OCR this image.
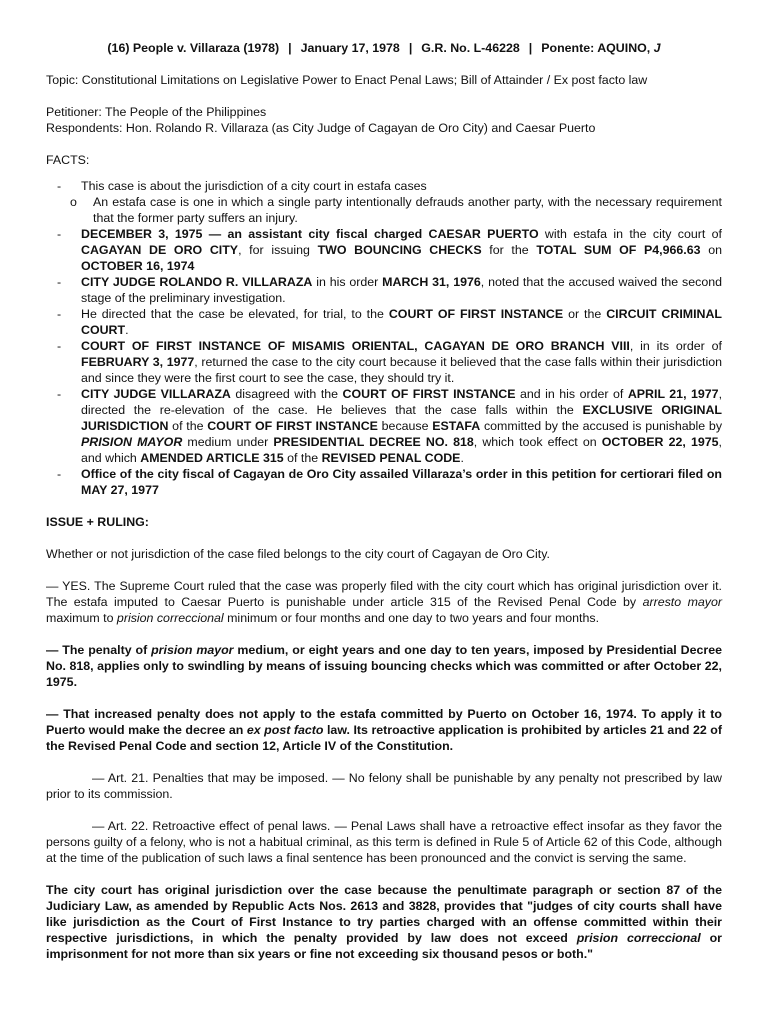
(16) People v. Villaraza (1978) | January 17, 1978 | G.R. No. L-46228 | Ponente: AQUINO, J

Topic: Constitutional Limitations on Legislative Power to Enact Penal Laws; Bill of Attainder / Ex post facto law

Petitioner: The People of the Philippines

Respondents: Hon. Rolando R. Villaraza (as City Judge of Cagayan de Oro City) and Caesar Puerto

FACTS:

- This case is about the jurisdiction of a city court in estafa cases
o An estafa case is one in which a single party intentionally defrauds another party, with the necessary requirement that the former party suffers an injury.
- DECEMBER 3, 1975 — an assistant city fiscal charged CAESAR PUERTO with estafa in the city court of CAGAYAN DE ORO CITY, for issuing TWO BOUNCING CHECKS for the TOTAL SUM OF P4,966.63 on OCTOBER 16, 1974
- CITY JUDGE ROLANDO R. VILLARAZA in his order MARCH 31, 1976, noted that the accused waived the second stage of the preliminary investigation.
- He directed that the case be elevated, for trial, to the COURT OF FIRST INSTANCE or the CIRCUIT CRIMINAL COURT.
- COURT OF FIRST INSTANCE OF MISAMIS ORIENTAL, CAGAYAN DE ORO BRANCH VIII, in its order of FEBRUARY 3, 1977, returned the case to the city court because it believed that the case falls within their jurisdiction and since they were the first court to see the case, they should try it.
- CITY JUDGE VILLARAZA disagreed with the COURT OF FIRST INSTANCE and in his order of APRIL 21, 1977, directed the re-elevation of the case. He believes that the case falls within the EXCLUSIVE ORIGINAL JURISDICTION of the COURT OF FIRST INSTANCE because ESTAFA committed by the accused is punishable by PRISION MAYOR medium under PRESIDENTIAL DECREE NO. 818, which took effect on OCTOBER 22, 1975, and which AMENDED ARTICLE 315 of the REVISED PENAL CODE.
- Office of the city fiscal of Cagayan de Oro City assailed Villaraza’s order in this petition for certiorari filed on MAY 27, 1977

ISSUE + RULING:

Whether or not jurisdiction of the case filed belongs to the city court of Cagayan de Oro City.

— YES. The Supreme Court ruled that the case was properly filed with the city court which has original jurisdiction over it. The estafa imputed to Caesar Puerto is punishable under article 315 of the Revised Penal Code by arresto mayor maximum to prision correccional minimum or four months and one day to two years and four months.

— The penalty of prision mayor medium, or eight years and one day to ten years, imposed by Presidential Decree No. 818, applies only to swindling by means of issuing bouncing checks which was committed or after October 22, 1975.

— That increased penalty does not apply to the estafa committed by Puerto on October 16, 1974. To apply it to Puerto would make the decree an ex post facto law. Its retroactive application is prohibited by articles 21 and 22 of the Revised Penal Code and section 12, Article IV of the Constitution.

— Art. 21. Penalties that may be imposed. — No felony shall be punishable by any penalty not prescribed by law prior to its commission.

— Art. 22. Retroactive effect of penal laws. — Penal Laws shall have a retroactive effect insofar as they favor the persons guilty of a felony, who is not a habitual criminal, as this term is defined in Rule 5 of Article 62 of this Code, although at the time of the publication of such laws a final sentence has been pronounced and the convict is serving the same.

The city court has original jurisdiction over the case because the penultimate paragraph or section 87 of the Judiciary Law, as amended by Republic Acts Nos. 2613 and 3828, provides that "judges of city courts shall have like jurisdiction as the Court of First Instance to try parties charged with an offense committed within their respective jurisdictions, in which the penalty provided by law does not exceed prision correccional or imprisonment for not more than six years or fine not exceeding six thousand pesos or both."
